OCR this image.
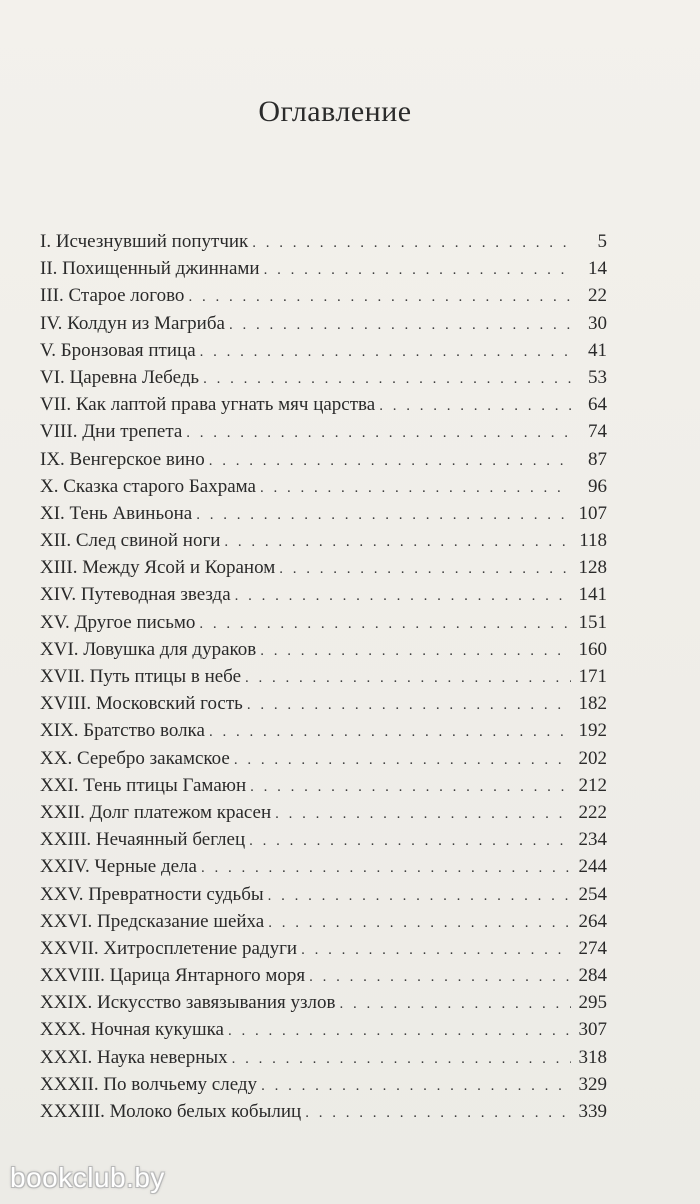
Оглавление
I. Исчезнувший попутчик . . .	5
II. Похищенный джиннами . . .	14
III. Старое логово . . .	22
IV. Колдун из Магриба . . .	30
V. Бронзовая птица . . .	41
VI. Царевна Лебедь . . .	53
VII. Как лаптой права угнать мяч царства . . .	64
VIII. Дни трепета . . .	74
IX. Венгерское вино . . .	87
X. Сказка старого Бахрама . . .	96
XI. Тень Авиньона . . .	107
XII. След свиной ноги . . .	118
XIII. Между Ясой и Кораном . . .	128
XIV. Путеводная звезда . . .	141
XV. Другое письмо . . .	151
XVI. Ловушка для дураков . . .	160
XVII. Путь птицы в небе . . .	171
XVIII. Московский гость . . .	182
XIX. Братство волка . . .	192
XX. Серебро закамское . . .	202
XXI. Тень птицы Гамаюн . . .	212
XXII. Долг платежом красен . . .	222
XXIII. Нечаянный беглец . . .	234
XXIV. Черные дела . . .	244
XXV. Превратности судьбы . . .	254
XXVI. Предсказание шейха . . .	264
XXVII. Хитросплетение радуги . . .	274
XXVIII. Царица Янтарного моря . . .	284
XXIX. Искусство завязывания узлов . . .	295
XXX. Ночная кукушка . . .	307
XXXI. Наука неверных . . .	318
XXXII. По волчьему следу . . .	329
XXXIII. Молоко белых кобылиц . . .	339
bookclub.by
